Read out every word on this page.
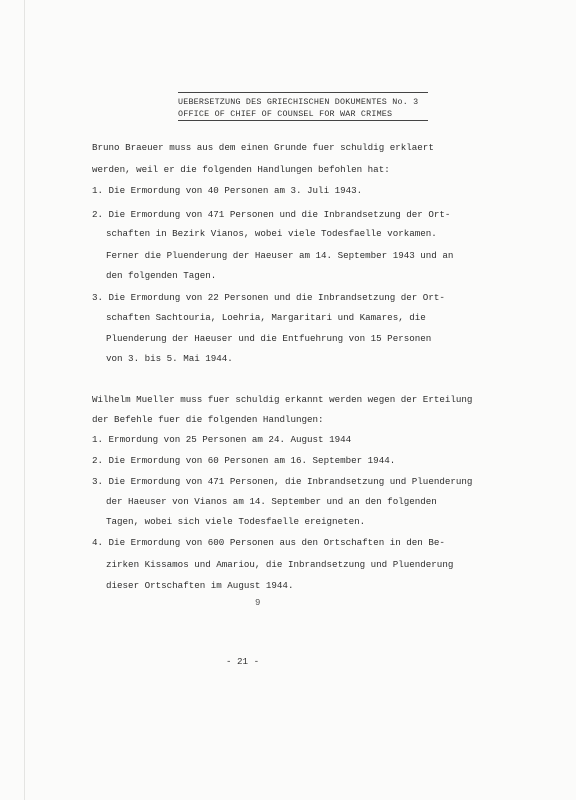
UEBERSETZUNG DES GRIECHISCHEN DOKUMENTES No. 3
OFFICE OF CHIEF OF COUNSEL FOR WAR CRIMES
Bruno Braeuer muss aus dem einen Grunde fuer schuldig erklaert
werden, weil er die folgenden Handlungen befohlen hat:
1. Die Ermordung von 40 Personen am 3. Juli 1943.
2. Die Ermordung von 471 Personen und die Inbrandsetzung der Ort-
schaften in Bezirk Vianos, wobei viele Todesfaelle vorkamen.
Ferner die Pluenderung der Haeuser am 14. September 1943 und an
den folgenden Tagen.
3. Die Ermordung von 22 Personen und die Inbrandsetzung der Ort-
schaften Sachtouria, Loehria, Margaritari und Kamares, die
Pluenderung der Haeuser und die Entfuehrung von 15 Personen
von 3. bis 5. Mai 1944.
Wilhelm Mueller muss fuer schuldig erkannt werden wegen der Erteilung
der Befehle fuer die folgenden Handlungen:
1. Ermordung von 25 Personen am 24. August 1944
2. Die Ermordung von 60 Personen am 16. September 1944.
3. Die Ermordung von 471 Personen, die Inbrandsetzung und Pluenderung
der Haeuser von Vianos am 14. September und an den folgenden
Tagen, wobei sich viele Todesfaelle ereigneten.
4. Die Ermordung von 600 Personen aus den Ortschaften in den Be-
zirken Kissamos und Amariou, die Inbrandsetzung und Pluenderung
dieser Ortschaften im August 1944.
9
- 21 -
